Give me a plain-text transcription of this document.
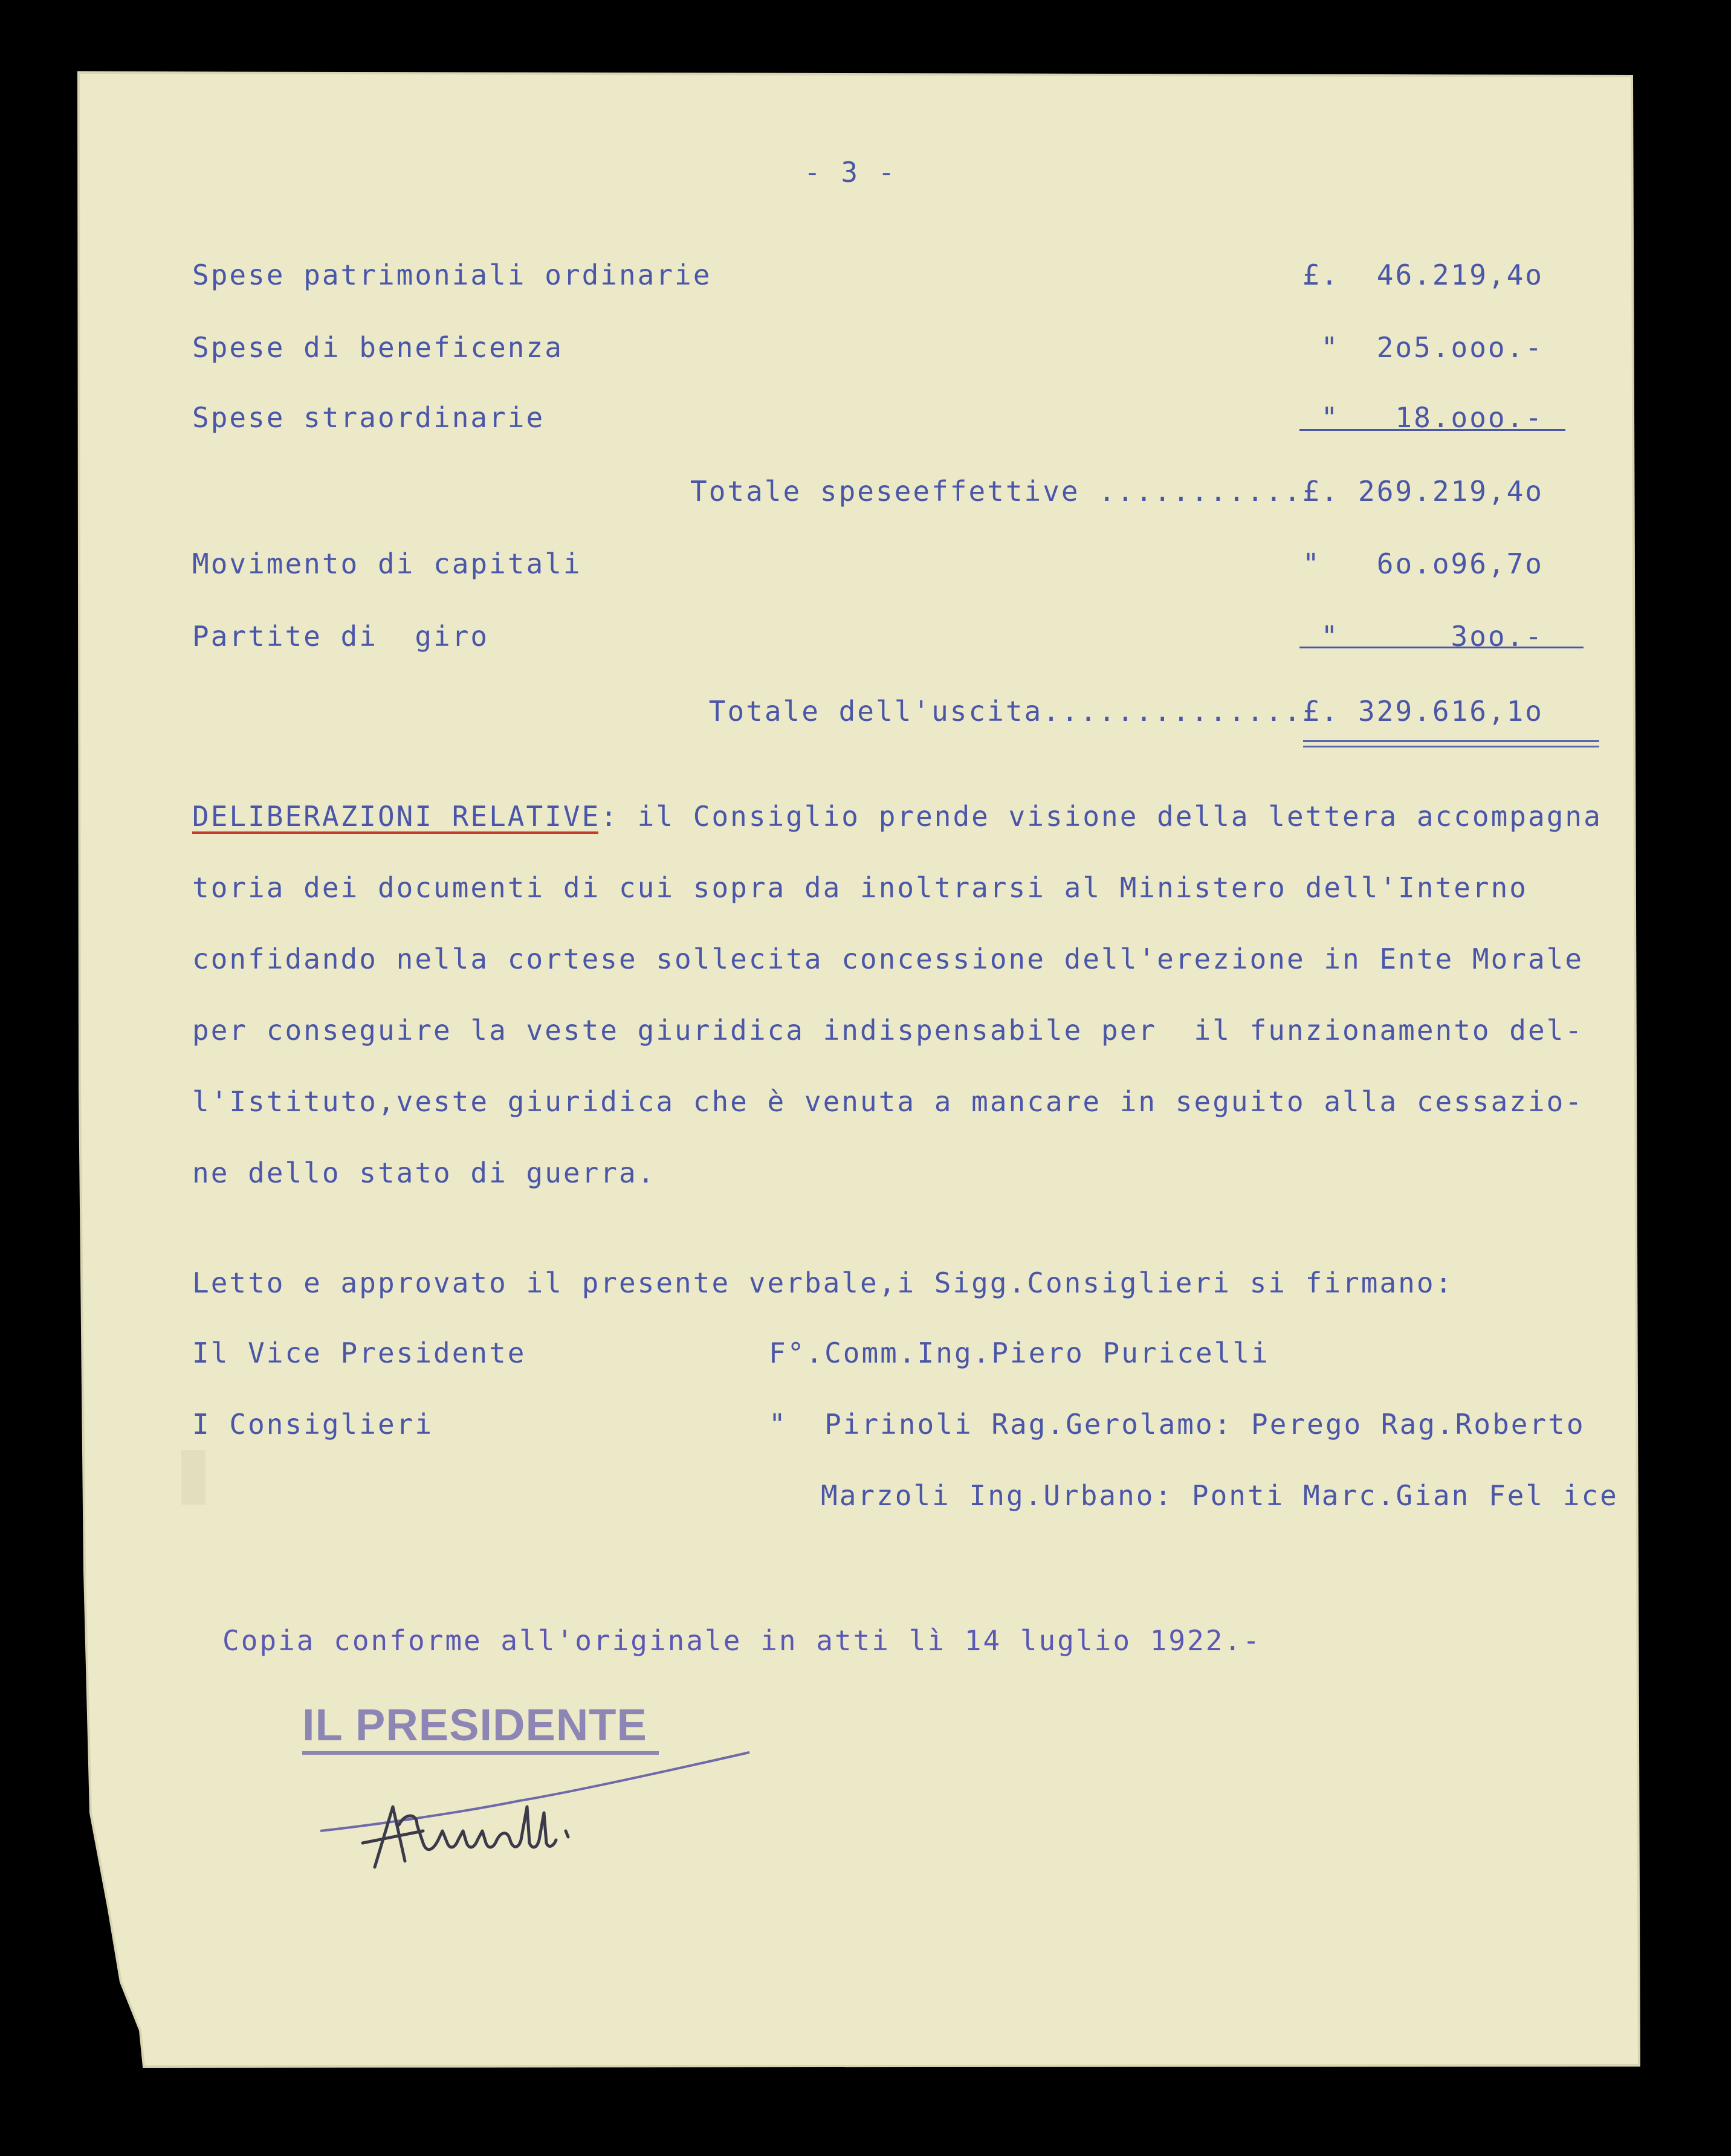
- 3 -
Spese patrimoniali ordinarie	£.  46.219,4o
Spese di beneficenza	"  2o5.ooo.-
Spese straordinarie	"   18.ooo.-
Totale speseeffettive ...........£. 269.219,4o
Movimento di capitali	"   6o.o96,7o
Partite di  giro	"      3oo.-
Totale dell'uscita..............£. 329.616,1o
DELIBERAZIONI RELATIVE: il Consiglio prende visione della lettera accompagna
toria dei documenti di cui sopra da inoltrarsi al Ministero dell'Interno
confidando nella cortese sollecita concessione dell'erezione in Ente Morale
per conseguire la veste giuridica indispensabile per  il funzionamento del-
l'Istituto,veste giuridica che è venuta a mancare in seguito alla cessazio-
ne dello stato di guerra.
Letto e approvato il presente verbale,i Sigg.Consiglieri si firmano:
Il Vice Presidente	F°.Comm.Ing.Piero Puricelli
I Consiglieri	"  Pirinoli Rag.Gerolamo: Perego Rag.Roberto
Marzoli Ing.Urbano: Ponti Marc.Gian Fel ice
Copia conforme all'originale in atti lì 14 luglio 1922.-
IL PRESIDENTE
